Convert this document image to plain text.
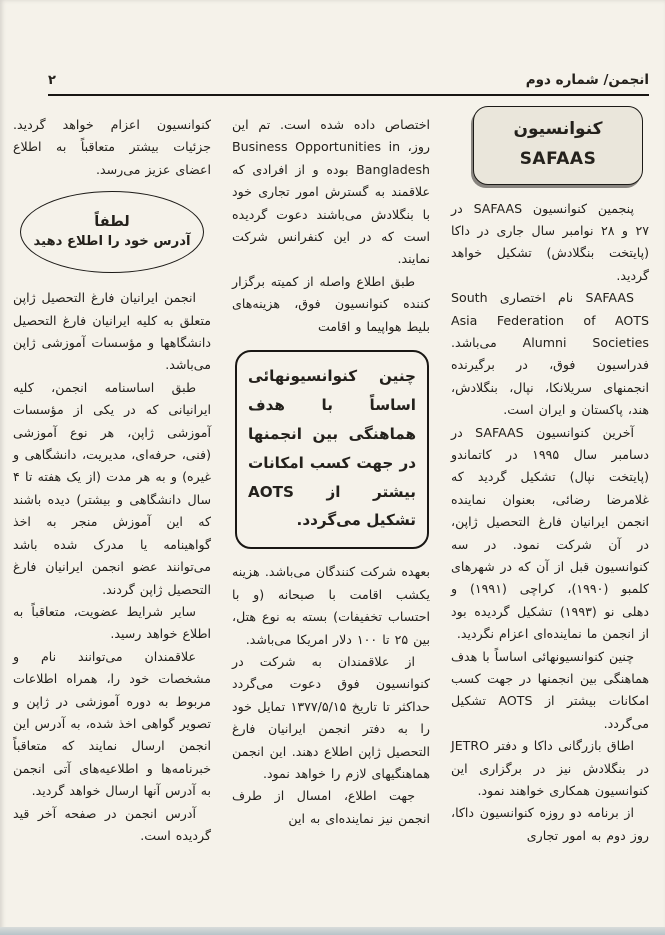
۲	انجمن/ شماره دوم
کنوانسیون SAFAAS

پنجمین کنوانسیون SAFAAS در ۲۷ و ۲۸ نوامبر سال جاری در داکا (پایتخت بنگلادش) تشکیل خواهد گردید.

SAFAAS نام اختصاری South Asia Federation of AOTS Alumni Societies می‌باشد. فدراسیون فوق، در برگیرنده انجمنهای سریلانکا، نپال، بنگلادش، هند، پاکستان و ایران است.

آخرین کنوانسیون SAFAAS در دسامبر سال ۱۹۹۵ در کاتماندو (پایتخت نپال) تشکیل گردید که غلامرضا رضائی، بعنوان نماینده انجمن ایرانیان فارغ التحصیل ژاپن، در آن شرکت نمود. در سه کنوانسیون قبل از آن که در شهرهای کلمبو (۱۹۹۰)، کراچی (۱۹۹۱) و دهلی نو (۱۹۹۳) تشکیل گردیده بود از انجمن ما نماینده‌ای اعزام نگردید.

چنین کنوانسیونهائی اساساً با هدف هماهنگی بین انجمنها در جهت کسب امکانات بیشتر از AOTS تشکیل می‌گردد.

اطاق بازرگانی داکا و دفتر JETRO در بنگلادش نیز در برگزاری این کنوانسیون همکاری خواهند نمود.

از برنامه دو روزه کنوانسیون داکا، روز دوم به امور تجاری

اختصاص داده شده است. تم این روز، Business Opportunities in Bangladesh بوده و از افرادی که علاقمند به گسترش امور تجاری خود با بنگلادش می‌باشند دعوت گردیده است که در این کنفرانس شرکت نمایند.

طبق اطلاع واصله از کمیته برگزار کننده کنوانسیون فوق، هزینه‌های بلیط هواپیما و اقامت

چنین کنوانسیونهائی اساساً با هدف هماهنگی بین انجمنها در جهت کسب امکانات بیشتر از AOTS تشکیل می‌گردد.

بعهده شرکت کنندگان می‌باشد. هزینه یکشب اقامت با صبحانه (و با احتساب تخفیفات) بسته به نوع هتل، بین ۲۵ تا ۱۰۰ دلار امریکا می‌باشد.

از علاقمندان به شرکت در کنوانسیون فوق دعوت می‌گردد حداکثر تا تاریخ ۱۳۷۷/۵/۱۵ تمایل خود را به دفتر انجمن ایرانیان فارغ التحصیل ژاپن اطلاع دهند. این انجمن هماهنگیهای لازم را خواهد نمود.

جهت اطلاع، امسال از طرف انجمن نیز نماینده‌ای به این

کنوانسیون اعزام خواهد گردید. جزئیات بیشتر متعاقباً به اطلاع اعضای عزیز می‌رسد.

لطفاً
آدرس خود را اطلاع دهید

انجمن ایرانیان فارغ التحصیل ژاپن متعلق به کلیه ایرانیان فارغ التحصیل دانشگاهها و مؤسسات آموزشی ژاپن می‌باشد.

طبق اساسنامه انجمن، کلیه ایرانیانی که در یکی از مؤسسات آموزشی ژاپن، هر نوع آموزشی (فنی، حرفه‌ای، مدیریت، دانشگاهی و غیره) و به هر مدت (از یک هفته تا ۴ سال دانشگاهی و بیشتر) دیده باشند که این آموزش منجر به اخذ گواهینامه یا مدرک شده باشد می‌توانند عضو انجمن ایرانیان فارغ التحصیل ژاپن گردند.

سایر شرایط عضویت، متعاقباً به اطلاع خواهد رسید.

علاقمندان می‌توانند نام و مشخصات خود را، همراه اطلاعات مربوط به دوره آموزشی در ژاپن و تصویر گواهی اخذ شده، به آدرس این انجمن ارسال نمایند که متعاقباً خبرنامه‌ها و اطلاعیه‌های آتی انجمن به آدرس آنها ارسال خواهد گردید.

آدرس انجمن در صفحه آخر قید گردیده است.
